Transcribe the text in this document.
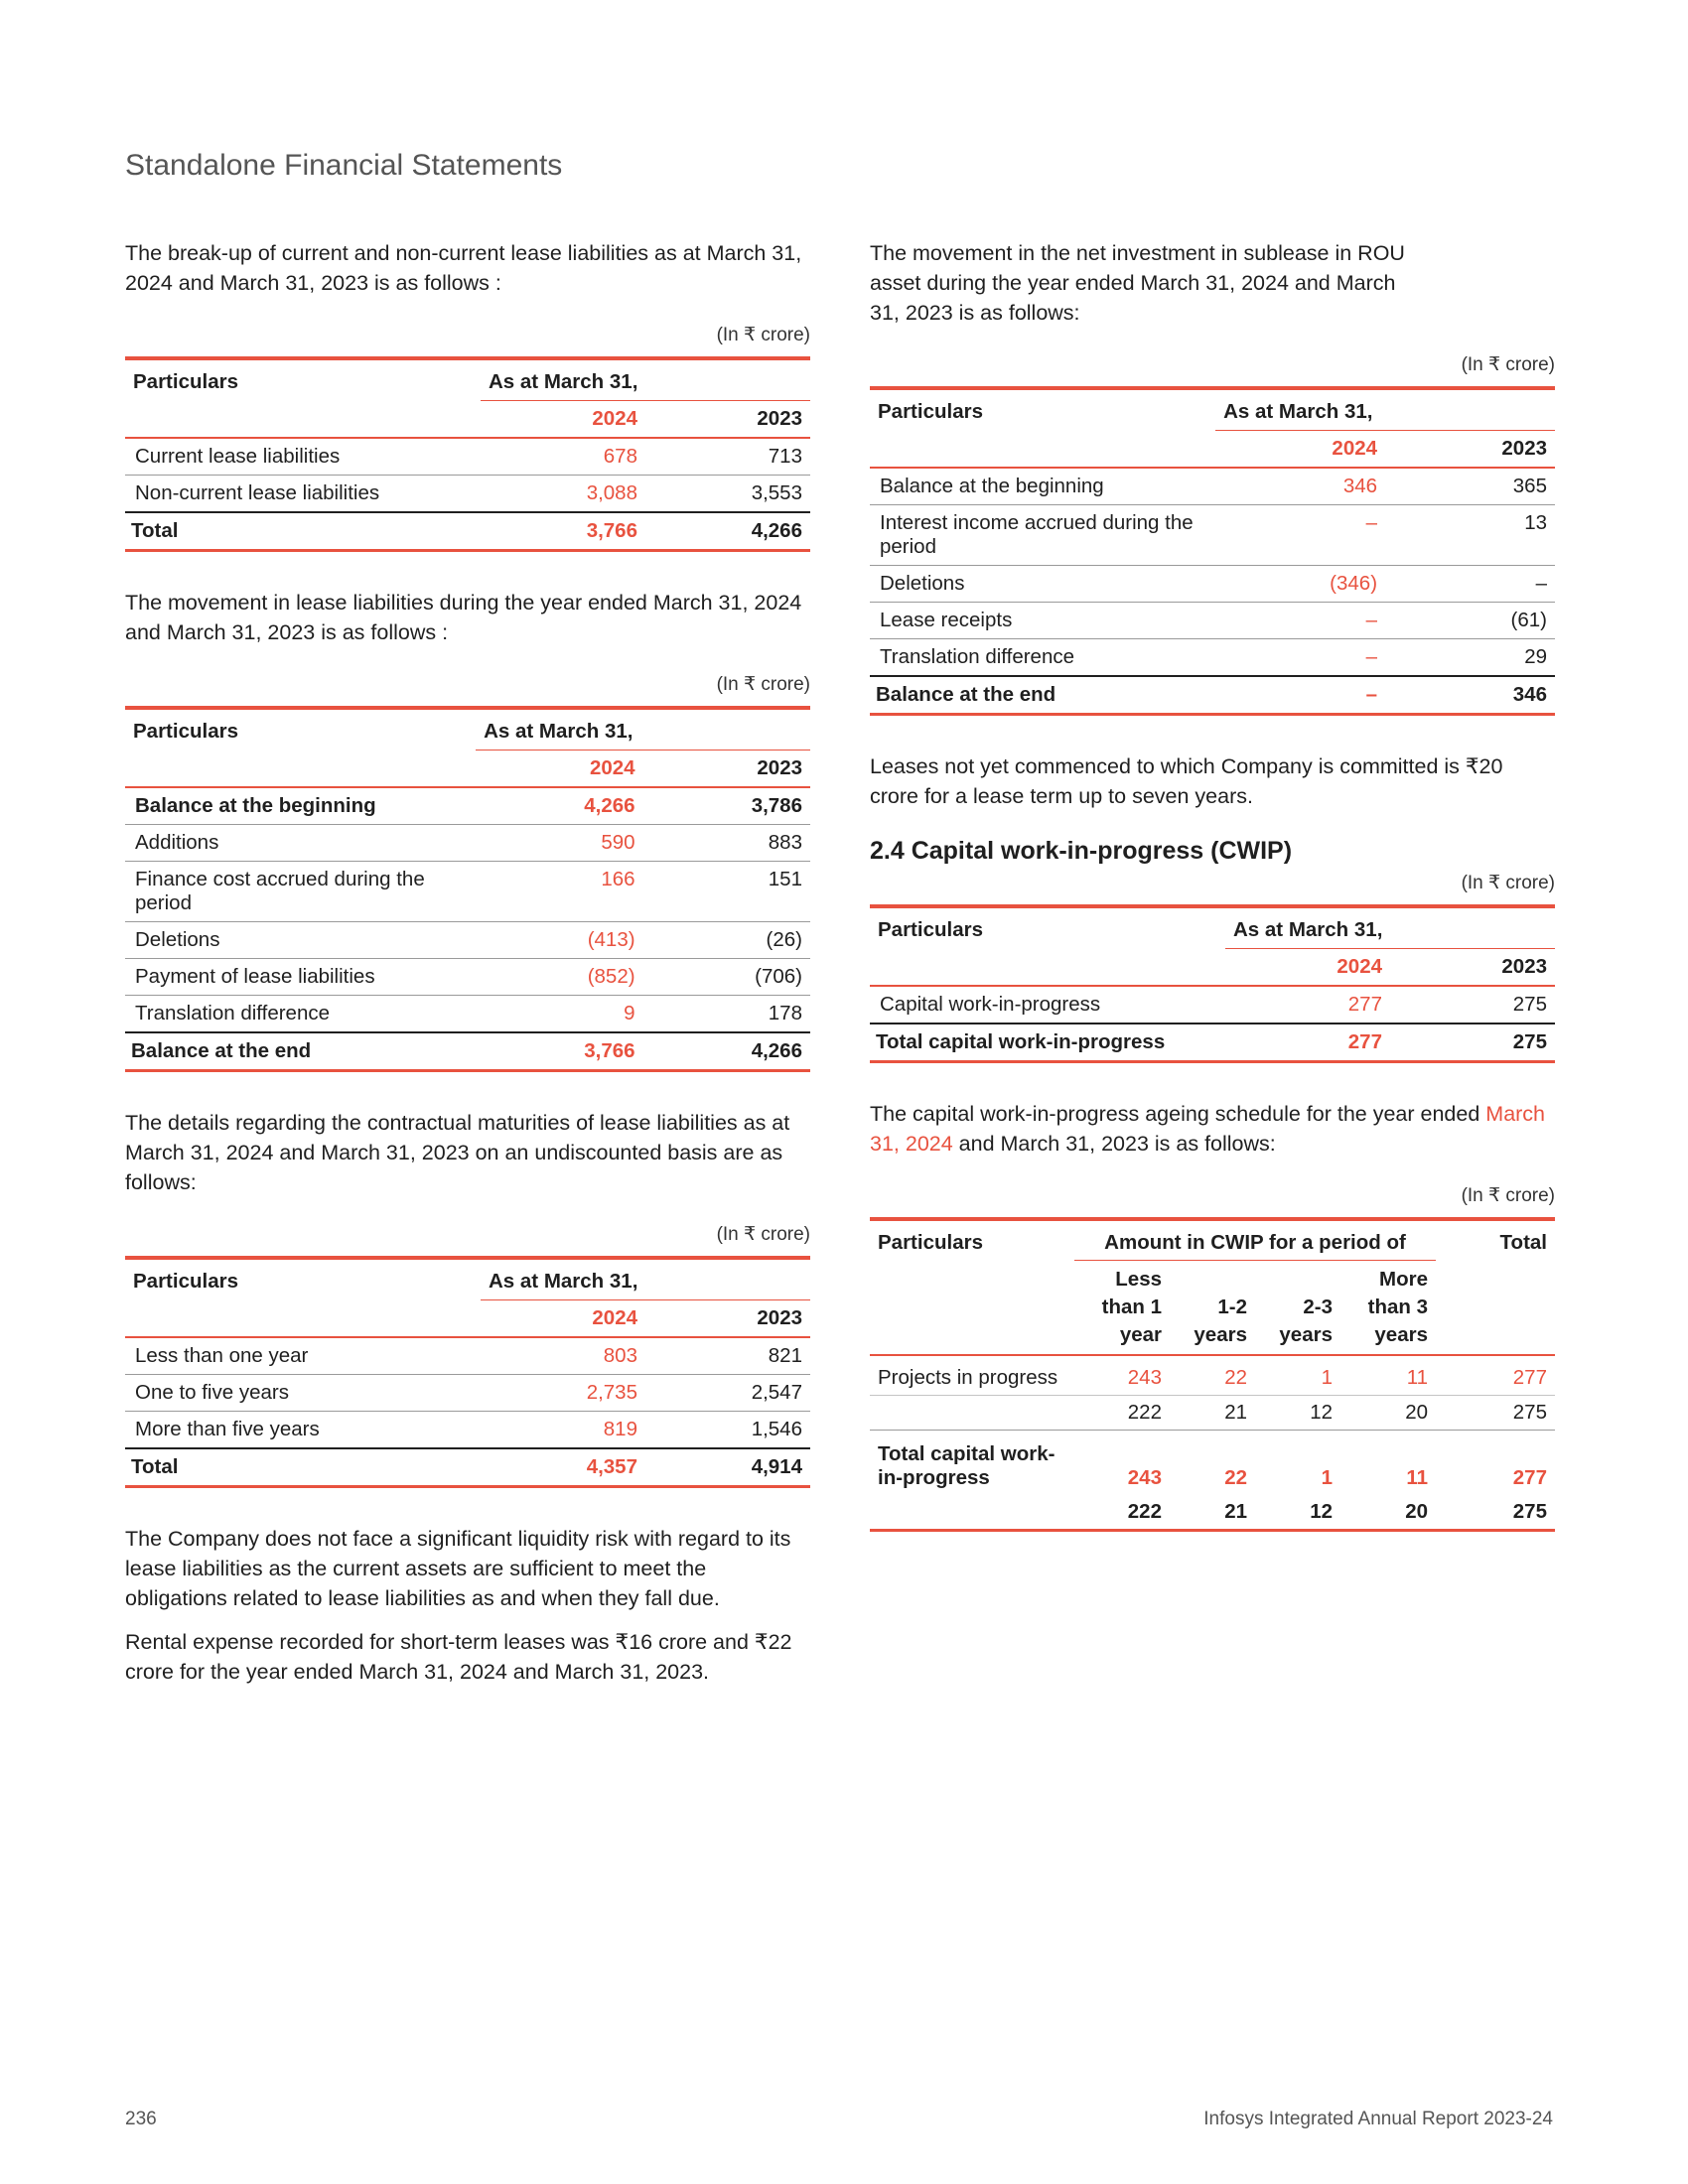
Standalone Financial Statements

The break-up of current and non-current lease liabilities as at March 31, 2024 and March 31, 2023 is as follows :

(In ₹ crore)
Particulars	As at March 31,	
	2024	2023
Current lease liabilities	678	713
Non-current lease liabilities	3,088	3,553
Total	3,766	4,266

The movement in lease liabilities during the year ended March 31, 2024 and March 31, 2023 is as follows :

(In ₹ crore)
Particulars	As at March 31,	
	2024	2023
Balance at the beginning	4,266	3,786
Additions	590	883
Finance cost accrued during the period	166	151
Deletions	(413)	(26)
Payment of lease liabilities	(852)	(706)
Translation difference	9	178
Balance at the end	3,766	4,266

The details regarding the contractual maturities of lease liabilities as at March 31, 2024 and March 31, 2023 on an undiscounted basis are as follows:

(In ₹ crore)
Particulars	As at March 31,	
	2024	2023
Less than one year	803	821
One to five years	2,735	2,547
More than five years	819	1,546
Total	4,357	4,914

The Company does not face a significant liquidity risk with regard to its lease liabilities as the current assets are sufficient to meet the obligations related to lease liabilities as and when they fall due.

Rental expense recorded for short-term leases was ₹16 crore and ₹22 crore for the year ended March 31, 2024 and March 31, 2023.

The movement in the net investment in sublease in ROU asset during the year ended March 31, 2024 and March 31, 2023 is as follows:

(In ₹ crore)
Particulars	As at March 31,	
	2024	2023
Balance at the beginning	346	365
Interest income accrued during the period	–	13
Deletions	(346)	–
Lease receipts	–	(61)
Translation difference	–	29
Balance at the end	–	346

Leases not yet commenced to which Company is committed is ₹20 crore for a lease term up to seven years.

2.4 Capital work-in-progress (CWIP)
(In ₹ crore)
Particulars	As at March 31,	
	2024	2023
Capital work-in-progress	277	275
Total capital work-in-progress	277	275

The capital work-in-progress ageing schedule for the year ended March 31, 2024 and March 31, 2023 is as follows:

(In ₹ crore)
Particulars	Amount in CWIP for a period of				Total
	Less than 1 year	1-2 years	2-3 years	More than 3 years	
Projects in progress	243	22	1	11	277
	222	21	12	20	275
Total capital work-in-progress	243	22	1	11	277
	222	21	12	20	275
236	Infosys Integrated Annual Report 2023-24
